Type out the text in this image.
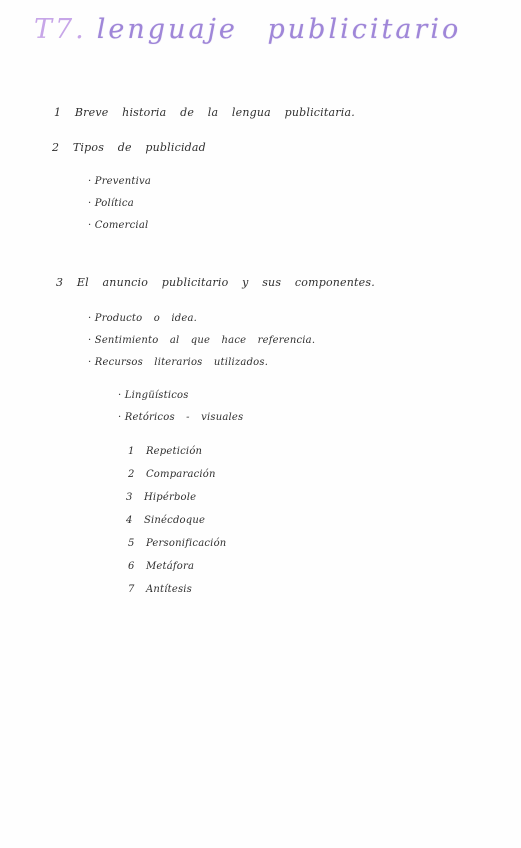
T7. lenguaje publicitario
1 Breve historia de la lengua publicitaria.
2 Tipos de publicidad
· Preventiva
· Política
· Comercial
3 El anuncio publicitario y sus componentes.
· Producto o idea.
· Sentimiento al que hace referencia.
· Recursos literarios utilizados.
· Lingüísticos
· Retóricos - visuales
1 Repetición
2 Comparación
3 Hipérbole
4 Sinécdoque
5 Personificación
6 Metáfora
7 Antítesis
